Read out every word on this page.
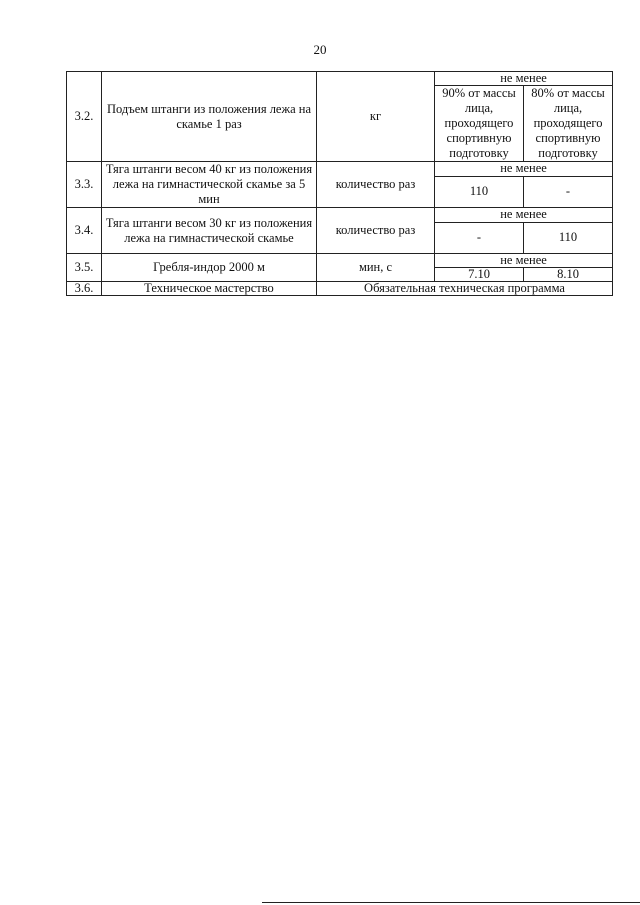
20
3.2.	Подъем штанги из положения лежа на скамье 1 раз	кг	не менее	
			90% от массы лица, проходящего спортивную подготовку	80% от массы лица, проходящего спортивную подготовку
3.3.	Тяга штанги весом 40 кг из положения лежа на гимнастической скамье за 5 мин	количество раз	не менее	
			110	-
3.4.	Тяга штанги весом 30 кг из положения лежа на гимнастической скамье	количество раз	не менее	
			-	110
3.5.	Гребля-индор 2000 м	мин, с	не менее	
			7.10	8.10
3.6.	Техническое мастерство	Обязательная техническая программа		
